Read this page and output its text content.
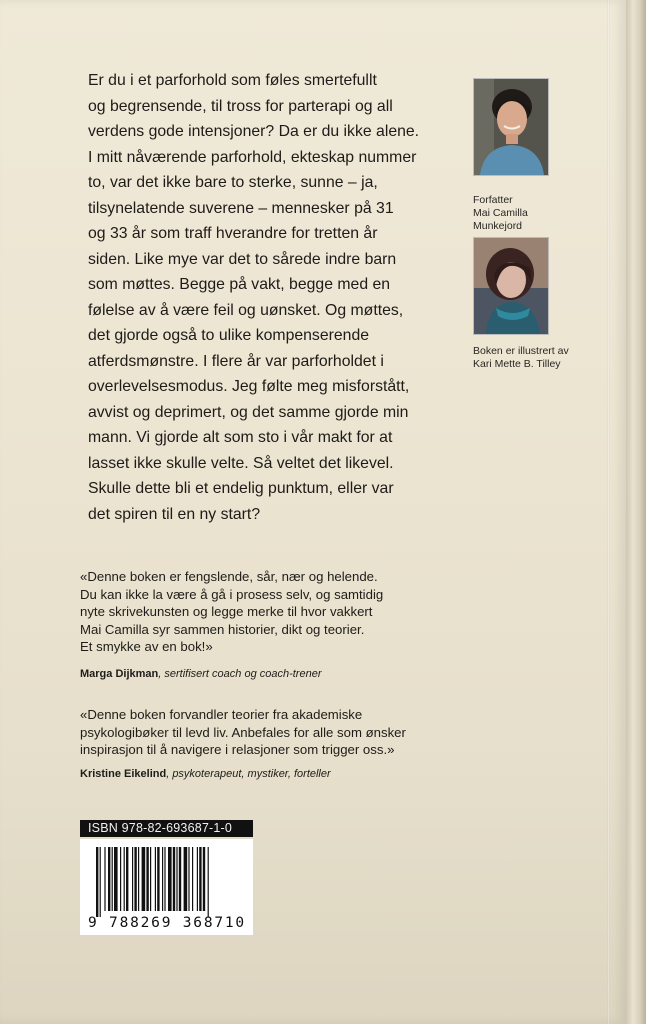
Er du i et parforhold som føles smertefullt
og begrensende, til tross for parterapi og all
verdens gode intensjoner? Da er du ikke alene.
I mitt nåværende parforhold, ekteskap nummer
to, var det ikke bare to sterke, sunne – ja,
tilsynelatende suverene – mennesker på 31
og 33 år som traff hverandre for tretten år
siden. Like mye var det to sårede indre barn
som møttes. Begge på vakt, begge med en
følelse av å være feil og uønsket. Og møttes,
det gjorde også to ulike kompenserende
atferdsmønstre. I flere år var parforholdet i
overlevelsesmodus. Jeg følte meg misforstått,
avvist og deprimert, og det samme gjorde min
mann. Vi gjorde alt som sto i vår makt for at
lasset ikke skulle velte. Så veltet det likevel.
Skulle dette bli et endelig punktum, eller var
det spiren til en ny start?

Forfatter
Mai Camilla
Munkejord

Boken er illustrert av
Kari Mette B. Tilley

«Denne boken er fengslende, sår, nær og helende.
Du kan ikke la være å gå i prosess selv, og samtidig
nyte skrivekunsten og legge merke til hvor vakkert
Mai Camilla syr sammen historier, dikt og teorier.
Et smykke av en bok!»

Marga Dijkman, sertifisert coach og coach-trener

«Denne boken forvandler teorier fra akademiske
psykologibøker til levd liv. Anbefales for alle som ønsker
inspirasjon til å navigere i relasjoner som trigger oss.»

Kristine Eikelind, psykoterapeut, mystiker, forteller

ISBN 978-82-693687-1-0
9 788269 368710
